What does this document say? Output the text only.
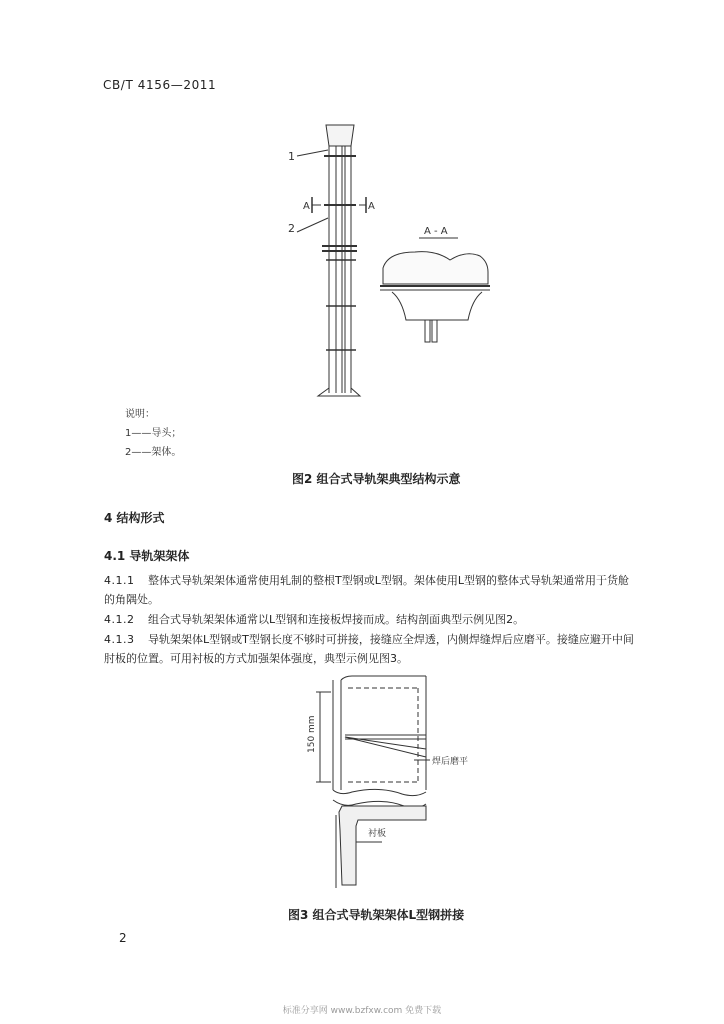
CB/T 4156—2011
1
2
A	A
A - A
150 mm
焊后磨平
衬板
说明：
1——导头；
2——架体。
图2 组合式导轨架典型结构示意
4 结构形式
4.1 导轨架架体
4.1.1 整体式导轨架架体通常使用轧制的整根T型钢或L型钢。架体使用L型钢的整体式导轨架通常用于货舱的角隅处。
4.1.2 组合式导轨架架体通常以L型钢和连接板焊接而成。结构剖面典型示例见图2。
4.1.3 导轨架架体L型钢或T型钢长度不够时可拼接，接缝应全焊透，内侧焊缝焊后应磨平。接缝应避开中间肘板的位置。可用衬板的方式加强架体强度，典型示例见图3。
图3 组合式导轨架架体L型钢拼接
2
标准分享网 www.bzfxw.com 免费下载
